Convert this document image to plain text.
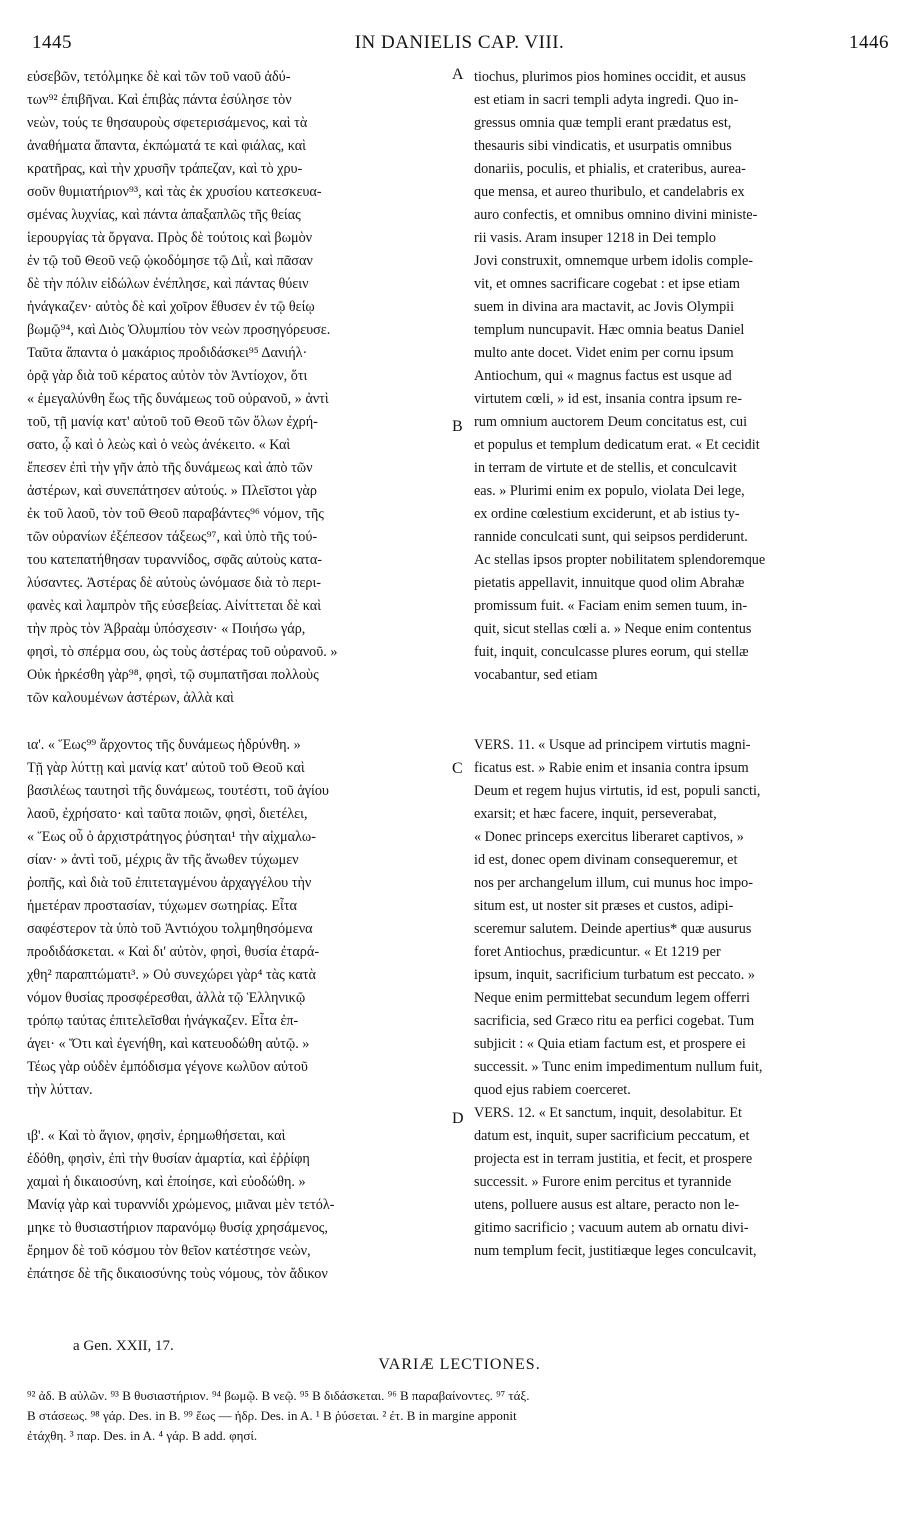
1445	IN DANIELIS CAP. VIII.	1446
εὐσεβῶν, τετόλμηκε δὲ καὶ τῶν τοῦ ναοῦ ἀδύ-
των⁹² ἐπιβῆναι. Καὶ ἐπιβὰς πάντα ἐσύλησε τὸν
νεὼν, τούς τε θησαυροὺς σφετερισάμενος, καὶ τὰ
ἀναθήματα ἅπαντα, ἐκπώματά τε καὶ φιάλας, καὶ
κρατῆρας, καὶ τὴν χρυσῆν τράπεζαν, καὶ τὸ χρυ-
σοῦν θυμιατήριον⁹³, καὶ τὰς ἐκ χρυσίου κατεσκευα-
σμένας λυχνίας, καὶ πάντα ἁπαξαπλῶς τῆς θείας
ἱερουργίας τὰ ὄργανα. Πρὸς δὲ τούτοις καὶ βωμὸν
ἐν τῷ τοῦ Θεοῦ νεῷ ᾠκοδόμησε τῷ Διῒ, καὶ πᾶσαν
δὲ τὴν πόλιν εἰδώλων ἐνέπλησε, καὶ πάντας θύειν
ἠνάγκαζεν· αὐτὸς δὲ καὶ χοῖρον ἔθυσεν ἐν τῷ θείῳ
βωμῷ⁹⁴, καὶ Διὸς Ὀλυμπίου τὸν νεὼν προσηγόρευσε.
Ταῦτα ἅπαντα ὁ μακάριος προδιδάσκει⁹⁵ Δανιήλ·
ὁρᾷ γὰρ διὰ τοῦ κέρατος αὐτὸν τὸν Ἀντίοχον, ὅτι
« ἐμεγαλύνθη ἕως τῆς δυνάμεως τοῦ οὐρανοῦ, » ἀντὶ
τοῦ, τῇ μανίᾳ κατ' αὐτοῦ τοῦ Θεοῦ τῶν ὅλων ἐχρή-
σατο, ᾧ καὶ ὁ λεὼς καὶ ὁ νεὼς ἀνέκειτο. « Καὶ
ἔπεσεν ἐπὶ τὴν γῆν ἀπὸ τῆς δυνάμεως καὶ ἀπὸ τῶν
ἀστέρων, καὶ συνεπάτησεν αὐτούς. » Πλεῖστοι γὰρ
ἐκ τοῦ λαοῦ, τὸν τοῦ Θεοῦ παραβάντες⁹⁶ νόμον, τῆς
τῶν οὐρανίων ἐξέπεσον τάξεως⁹⁷, καὶ ὑπὸ τῆς τού-
του κατεπατήθησαν τυραννίδος, σφᾶς αὐτοὺς κατα-
λύσαντες. Ἀστέρας δὲ αὐτοὺς ὠνόμασε διὰ τὸ περι-
φανὲς καὶ λαμπρὸν τῆς εὐσεβείας. Αἰνίττεται δὲ καὶ
τὴν πρὸς τὸν Ἀβραὰμ ὑπόσχεσιν· « Ποιήσω γάρ,
φησὶ, τὸ σπέρμα σου, ὡς τοὺς ἀστέρας τοῦ οὐρανοῦ. »
Οὐκ ἠρκέσθη γὰρ⁹⁸, φησὶ, τῷ συμπατῆσαι πολλοὺς
τῶν καλουμένων ἀστέρων, ἀλλὰ καὶ
tiochus, plurimos pios homines occidit, et ausus
est etiam in sacri templi adyta ingredi. Quo in-
gressus omnia quæ templi erant prædatus est,
thesauris sibi vindicatis, et usurpatis omnibus
donariis, poculis, et phialis, et crateribus, aurea-
que mensa, et aureo thuribulo, et candelabris ex
auro confectis, et omnibus omnino divini ministe-
rii vasis. Aram insuper 1218 in Dei templo
Jovi construxit, omnemque urbem idolis comple-
vit, et omnes sacrificare cogebat : et ipse etiam
suem in divina ara mactavit, ac Jovis Olympii
templum nuncupavit. Hæc omnia beatus Daniel
multo ante docet. Videt enim per cornu ipsum
Antiochum, qui « magnus factus est usque ad
virtutem cœli, » id est, insania contra ipsum re-
rum omnium auctorem Deum concitatus est, cui
et populus et templum dedicatum erat. « Et cecidit
in terram de virtute et de stellis, et conculcavit
eas. » Plurimi enim ex populo, violata Dei lege,
ex ordine cœlestium exciderunt, et ab istius ty-
rannide conculcati sunt, qui seipsos perdiderunt.
Ac stellas ipsos propter nobilitatem splendoremque
pietatis appellavit, innuitque quod olim Abrahæ
promissum fuit. « Faciam enim semen tuum, in-
quit, sicut stellas cœli a. » Neque enim contentus
fuit, inquit, conculcasse plures eorum, qui stellæ
vocabantur, sed etiam
ια'. « Ἕως⁹⁹ ἄρχοντος τῆς δυνάμεως ἡδρύνθη. »
Τῇ γὰρ λύττῃ καὶ μανίᾳ κατ' αὐτοῦ τοῦ Θεοῦ καὶ
βασιλέως ταυτησὶ τῆς δυνάμεως, τουτέστι, τοῦ ἁγίου
λαοῦ, ἐχρήσατο· καὶ ταῦτα ποιῶν, φησὶ, διετέλει,
« Ἕως οὗ ὁ ἀρχιστράτηγος ῥύσηται¹ τὴν αἰχμαλω-
σίαν· » ἀντὶ τοῦ, μέχρις ἂν τῆς ἄνωθεν τύχωμεν
ῥοπῆς, καὶ διὰ τοῦ ἐπιτεταγμένου ἀρχαγγέλου τὴν
ἡμετέραν προστασίαν, τύχωμεν σωτηρίας. Εἶτα
σαφέστερον τὰ ὑπὸ τοῦ Ἀντιόχου τολμηθησόμενα
προδιδάσκεται. « Καὶ δι' αὐτὸν, φησὶ, θυσία ἐταρά-
χθη² παραπτώματι³. » Οὐ συνεχώρει γὰρ⁴ τὰς κατὰ
νόμον θυσίας προσφέρεσθαι, ἀλλὰ τῷ Ἑλληνικῷ
τρόπῳ ταύτας ἐπιτελεῖσθαι ἠνάγκαζεν. Εἶτα ἐπ-
άγει· « Ὅτι καὶ ἐγενήθη, καὶ κατευοδώθη αὐτῷ. »
Τέως γὰρ οὐδὲν ἐμπόδισμα γέγονε κωλῦον αὐτοῦ
τὴν λύτταν.
ιβ'. « Καὶ τὸ ἅγιον, φησὶν, ἐρημωθήσεται, καὶ
ἐδόθη, φησὶν, ἐπὶ τὴν θυσίαν ἁμαρτία, καὶ ἐῤῥίφη
χαμαὶ ἡ δικαιοσύνη, καὶ ἐποίησε, καὶ εὐοδώθη. »
Μανίᾳ γὰρ καὶ τυραννίδι χρώμενος, μιᾶναι μὲν τετόλ-
μηκε τὸ θυσιαστήριον παρανόμῳ θυσίᾳ χρησάμενος,
ἔρημον δὲ τοῦ κόσμου τὸν θεῖον κατέστησε νεὼν,
ἐπάτησε δὲ τῆς δικαιοσύνης τοὺς νόμους, τὸν ἄδικον
VERS. 11. « Usque ad principem virtutis magni-
ficatus est. » Rabie enim et insania contra ipsum
Deum et regem hujus virtutis, id est, populi sancti,
exarsit; et hæc facere, inquit, perseverabat,
« Donec princeps exercitus liberaret captivos, »
id est, donec opem divinam consequeremur, et
nos per archangelum illum, cui munus hoc impo-
situm est, ut noster sit præses et custos, adipi-
sceremur salutem. Deinde apertius* quæ ausurus
foret Antiochus, prædicuntur. « Et 1219 per
ipsum, inquit, sacrificium turbatum est peccato. »
Neque enim permittebat secundum legem offerri
sacrificia, sed Græco ritu ea perfici cogebat. Tum
subjicit : « Quia etiam factum est, et prospere ei
successit. » Tunc enim impedimentum nullum fuit,
quod ejus rabiem coerceret.
VERS. 12. « Et sanctum, inquit, desolabitur. Et
datum est, inquit, super sacrificium peccatum, et
projecta est in terram justitia, et fecit, et prospere
successit. » Furore enim percitus et tyrannide
utens, polluere ausus est altare, peracto non le-
gitimo sacrificio ; vacuum autem ab ornatu divi-
num templum fecit, justitiæque leges conculcavit,
A
B
C
D
a Gen. XXII, 17.
VARIÆ LECTIONES.
⁹² ἀδ. B αὐλῶν. ⁹³ B θυσιαστήριον. ⁹⁴ βωμῷ. B νεῷ. ⁹⁵ B διδάσκεται. ⁹⁶ B παραβαίνοντες. ⁹⁷ τάξ.
B στάσεως. ⁹⁸ γάρ. Des. in B. ⁹⁹ ἕως — ἡδρ. Des. in A. ¹ B ῥύσεται. ² ἐτ. B in margine apponit
ἐτάχθη. ³ παρ. Des. in A. ⁴ γάρ. B add. φησί.
